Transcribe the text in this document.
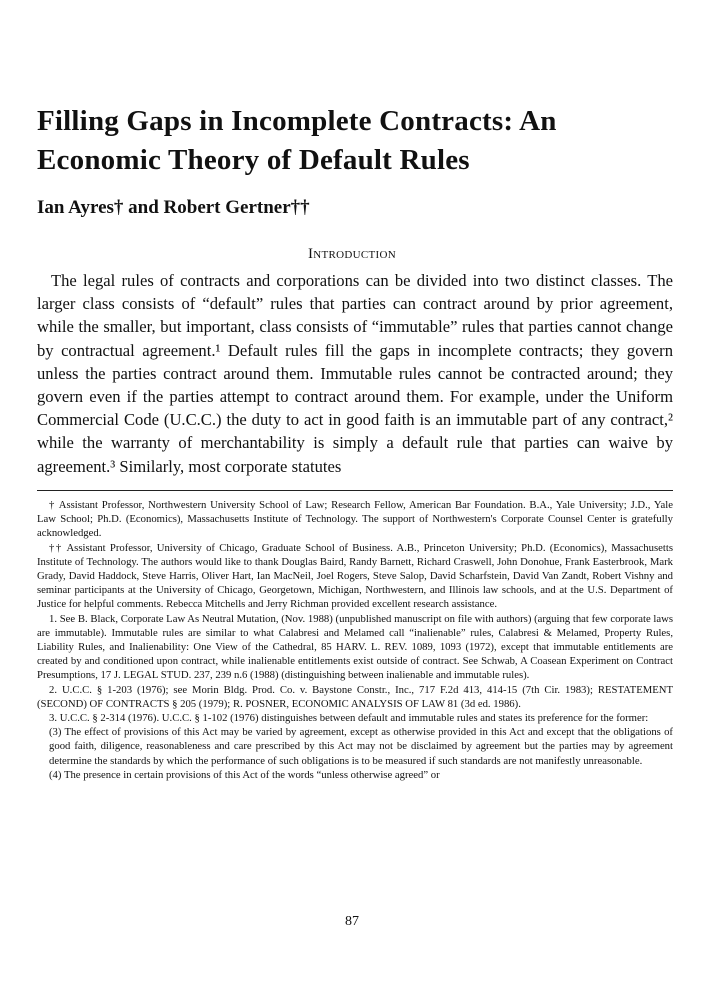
Filling Gaps in Incomplete Contracts: An
Economic Theory of Default Rules
Ian Ayres† and Robert Gertner††
Introduction

The legal rules of contracts and corporations can be divided into two distinct classes. The larger class consists of “default” rules that parties can contract around by prior agreement, while the smaller, but important, class consists of “immutable” rules that parties cannot change by contractual agreement.¹ Default rules fill the gaps in incomplete contracts; they govern unless the parties contract around them. Immutable rules cannot be contracted around; they govern even if the parties attempt to contract around them. For example, under the Uniform Commercial Code (U.C.C.) the duty to act in good faith is an immutable part of any contract,² while the warranty of merchantability is simply a default rule that parties can waive by agreement.³ Similarly, most corporate statutes

† Assistant Professor, Northwestern University School of Law; Research Fellow, American Bar Foundation. B.A., Yale University; J.D., Yale Law School; Ph.D. (Economics), Massachusetts Institute of Technology. The support of Northwestern's Corporate Counsel Center is gratefully acknowledged.

†† Assistant Professor, University of Chicago, Graduate School of Business. A.B., Princeton University; Ph.D. (Economics), Massachusetts Institute of Technology. The authors would like to thank Douglas Baird, Randy Barnett, Richard Craswell, John Donohue, Frank Easterbrook, Mark Grady, David Haddock, Steve Harris, Oliver Hart, Ian MacNeil, Joel Rogers, Steve Salop, David Scharfstein, David Van Zandt, Robert Vishny and seminar participants at the University of Chicago, Georgetown, Michigan, Northwestern, and Illinois law schools, and at the U.S. Department of Justice for helpful comments. Rebecca Mitchells and Jerry Richman provided excellent research assistance.

1. See B. Black, Corporate Law As Neutral Mutation, (Nov. 1988) (unpublished manuscript on file with authors) (arguing that few corporate laws are immutable). Immutable rules are similar to what Calabresi and Melamed call “inalienable” rules, Calabresi & Melamed, Property Rules, Liability Rules, and Inalienability: One View of the Cathedral, 85 HARV. L. REV. 1089, 1093 (1972), except that immutable entitlements are created by and conditioned upon contract, while inalienable entitlements exist outside of contract. See Schwab, A Coasean Experiment on Contract Presumptions, 17 J. LEGAL STUD. 237, 239 n.6 (1988) (distinguishing between inalienable and immutable rules).

2. U.C.C. § 1-203 (1976); see Morin Bldg. Prod. Co. v. Baystone Constr., Inc., 717 F.2d 413, 414-15 (7th Cir. 1983); RESTATEMENT (SECOND) OF CONTRACTS § 205 (1979); R. POSNER, ECONOMIC ANALYSIS OF LAW 81 (3d ed. 1986).

3. U.C.C. § 2-314 (1976). U.C.C. § 1-102 (1976) distinguishes between default and immutable rules and states its preference for the former:

(3) The effect of provisions of this Act may be varied by agreement, except as otherwise provided in this Act and except that the obligations of good faith, diligence, reasonableness and care prescribed by this Act may not be disclaimed by agreement but the parties may by agreement determine the standards by which the performance of such obligations is to be measured if such standards are not manifestly unreasonable.

(4) The presence in certain provisions of this Act of the words “unless otherwise agreed” or

87
